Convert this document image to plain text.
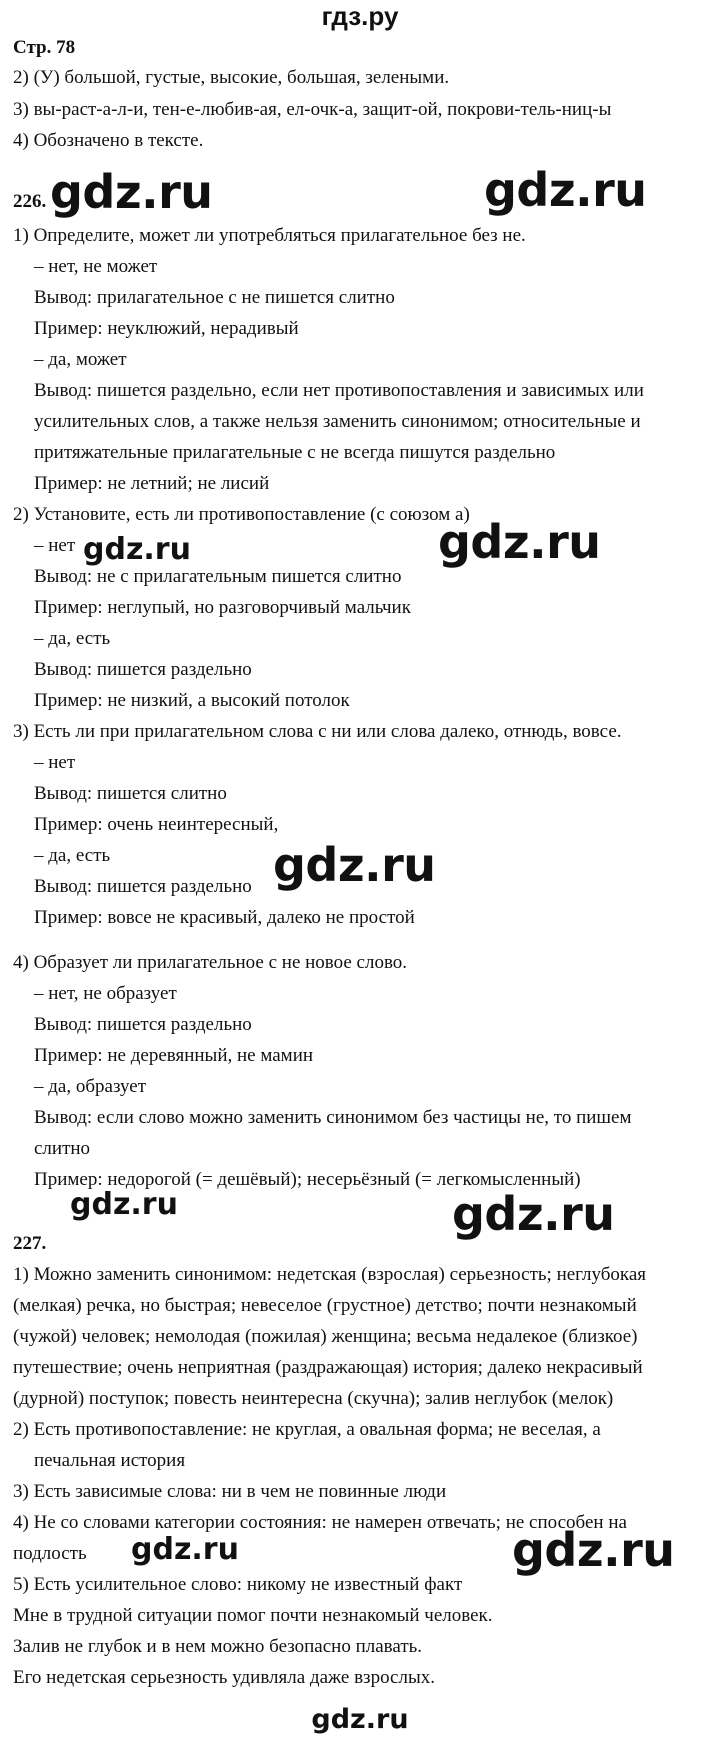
гдз.ру
Стр. 78
2) (У) большой, густые, высокие, большая, зелеными.
3) вы-раст-а-л-и, тен-е-любив-ая, ел-очк-а, защит-ой, покрови-тель-ниц-ы
4) Обозначено в тексте.
226.
1) Определите, может ли употребляться прилагательное без не.
– нет, не может
Вывод: прилагательное с не пишется слитно
Пример: неуклюжий, нерадивый
– да, может
Вывод: пишется раздельно, если нет противопоставления и зависимых или
усилительных слов, а также нельзя заменить синонимом; относительные и
притяжательные прилагательные с не всегда пишутся раздельно
Пример: не летний; не лисий
2) Установите, есть ли противопоставление (с союзом а)
– нет
Вывод: не с прилагательным пишется слитно
Пример: неглупый, но разговорчивый мальчик
– да, есть
Вывод: пишется раздельно
Пример: не низкий, а высокий потолок
3) Есть ли при прилагательном слова с ни или слова далеко, отнюдь, вовсе.
– нет
Вывод: пишется слитно
Пример: очень неинтересный,
– да, есть
Вывод: пишется раздельно
Пример: вовсе не красивый, далеко не простой
4) Образует ли прилагательное с не новое слово.
– нет, не образует
Вывод: пишется раздельно
Пример: не деревянный, не мамин
– да, образует
Вывод: если слово можно заменить синонимом без частицы не, то пишем
слитно
Пример: недорогой (= дешёвый); несерьёзный (= легкомысленный)
227.
1) Можно заменить синонимом: недетская (взрослая) серьезность; неглубокая
(мелкая) речка, но быстрая; невеселое (грустное) детство; почти незнакомый
(чужой) человек; немолодая (пожилая) женщина; весьма недалекое (близкое)
путешествие; очень неприятная (раздражающая) история; далеко некрасивый
(дурной) поступок; повесть неинтересна (скучна); залив неглубок (мелок)
2) Есть противопоставление: не круглая, а овальная форма; не веселая, а
печальная история
3) Есть зависимые слова: ни в чем не повинные люди
4) Не со словами категории состояния: не намерен отвечать; не способен на
подлость
5) Есть усилительное слово: никому не известный факт
Мне в трудной ситуации помог почти незнакомый человек.
Залив не глубок и в нем можно безопасно плавать.
Его недетская серьезность удивляла даже взрослых.
gdz.ru	gdz.ru
gdz.ru	gdz.ru
gdz.ru
gdz.ru	gdz.ru
gdz.ru	gdz.ru
gdz.ru
